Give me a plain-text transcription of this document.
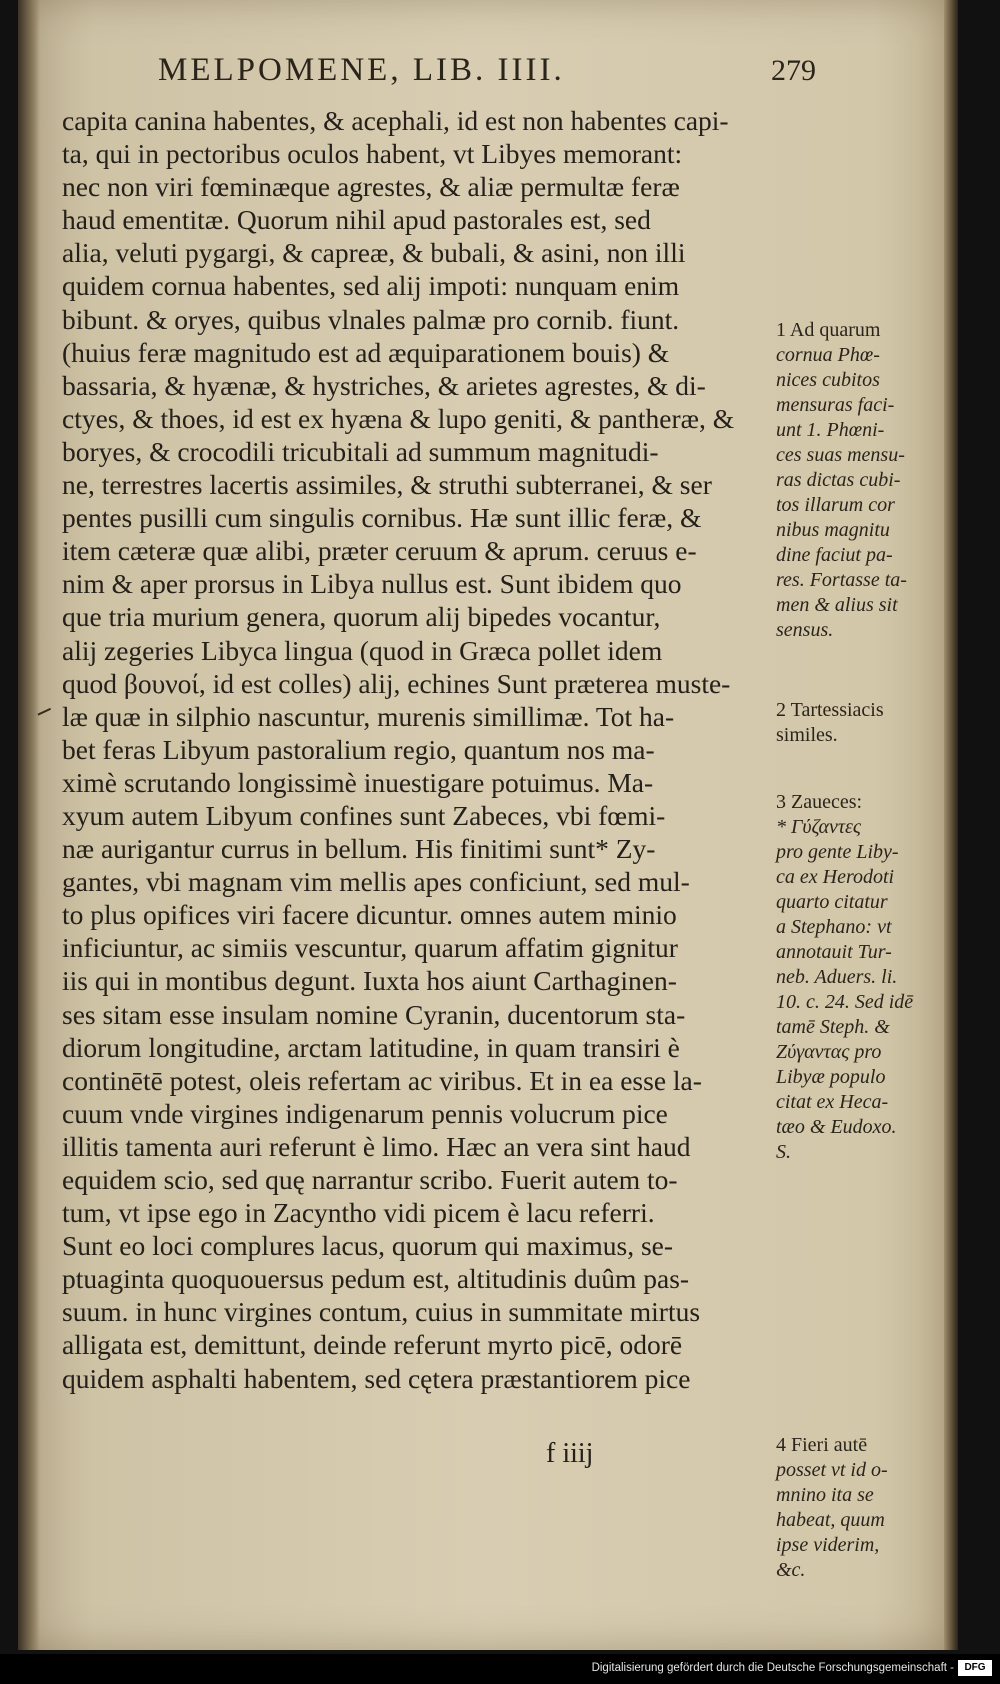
MELPOMENE, LIB. IIII.	279
capita canina habentes, & acephali, id est non habentes capi-
ta, qui in pectoribus oculos habent, vt Libyes memorant:
nec non viri fœminæque agrestes, & aliæ permultæ feræ
haud ementitæ. Quorum nihil apud pastorales est, sed
alia, veluti pygargi, & capreæ, & bubali, & asini, non illi
quidem cornua habentes, sed alij impoti: nunquam enim
bibunt. & oryes, quibus vlnales palmæ pro cornib. fiunt.
(huius feræ magnitudo est ad æquiparationem bouis) &
bassaria, & hyænæ, & hystriches, & arietes agrestes, & di-
ctyes, & thoes, id est ex hyæna & lupo geniti, & pantheræ, &
boryes, & crocodili tricubitali ad summum magnitudi-
ne, terrestres lacertis assimiles, & struthi subterranei, & ser
pentes pusilli cum singulis cornibus. Hæ sunt illic feræ, &
item cæteræ quæ alibi, præter ceruum & aprum. ceruus e-
nim & aper prorsus in Libya nullus est. Sunt ibidem quo
que tria murium genera, quorum alij bipedes vocantur,
alij zegeries Libyca lingua (quod in Græca pollet idem
quod βουνοί, id est colles) alij, echines Sunt præterea muste-
læ quæ in silphio nascuntur, murenis simillimæ. Tot ha-
bet feras Libyum pastoralium regio, quantum nos ma-
ximè scrutando longissimè inuestigare potuimus. Ma-
xyum autem Libyum confines sunt Zabeces, vbi fœmi-
næ aurigantur currus in bellum. His finitimi sunt* Zy-
gantes, vbi magnam vim mellis apes conficiunt, sed mul-
to plus opifices viri facere dicuntur. omnes autem minio
inficiuntur, ac simiis vescuntur, quarum affatim gignitur
iis qui in montibus degunt. Iuxta hos aiunt Carthaginen-
ses sitam esse insulam nomine Cyranin, ducentorum sta-
diorum longitudine, arctam latitudine, in quam transiri è
continētē potest, oleis refertam ac viribus. Et in ea esse la-
cuum vnde virgines indigenarum pennis volucrum pice
illitis tamenta auri referunt è limo. Hæc an vera sint haud
equidem scio, sed quę narrantur scribo. Fuerit autem to-
tum, vt ipse ego in Zacyntho vidi picem è lacu referri.
Sunt eo loci complures lacus, quorum qui maximus, se-
ptuaginta quoquouersus pedum est, altitudinis duûm pas-
suum. in hunc virgines contum, cuius in summitate mirtus
alligata est, demittunt, deinde referunt myrto picē, odorē
quidem asphalti habentem, sed cętera præstantiorem pice
1 Ad quarum
cornua Phœ-
nices cubitos
mensuras faci-
unt 1. Phœni-
ces suas mensu-
ras dictas cubi-
tos illarum cor
nibus magnitu
dine faciut pa-
res. Fortasse ta-
men & alius sit
sensus.
2 Tartessiacis
similes.
3 Zaueces:
* Γύζαντες
pro gente Liby-
ca ex Herodoti
quarto citatur
a Stephano: vt
annotauit Tur-
neb. Aduers. li.
10. c. 24. Sed idē
tamē Steph. &
Ζύγαντας pro
Libyæ populo
citat ex Heca-
tæo & Eudoxo.
S.
4 Fieri autē
posset vt id o-
mnino ita se
habeat, quum
ipse viderim,
&c.
f iiij
Digitalisierung gefördert durch die Deutsche Forschungsgemeinschaft -	DFG
